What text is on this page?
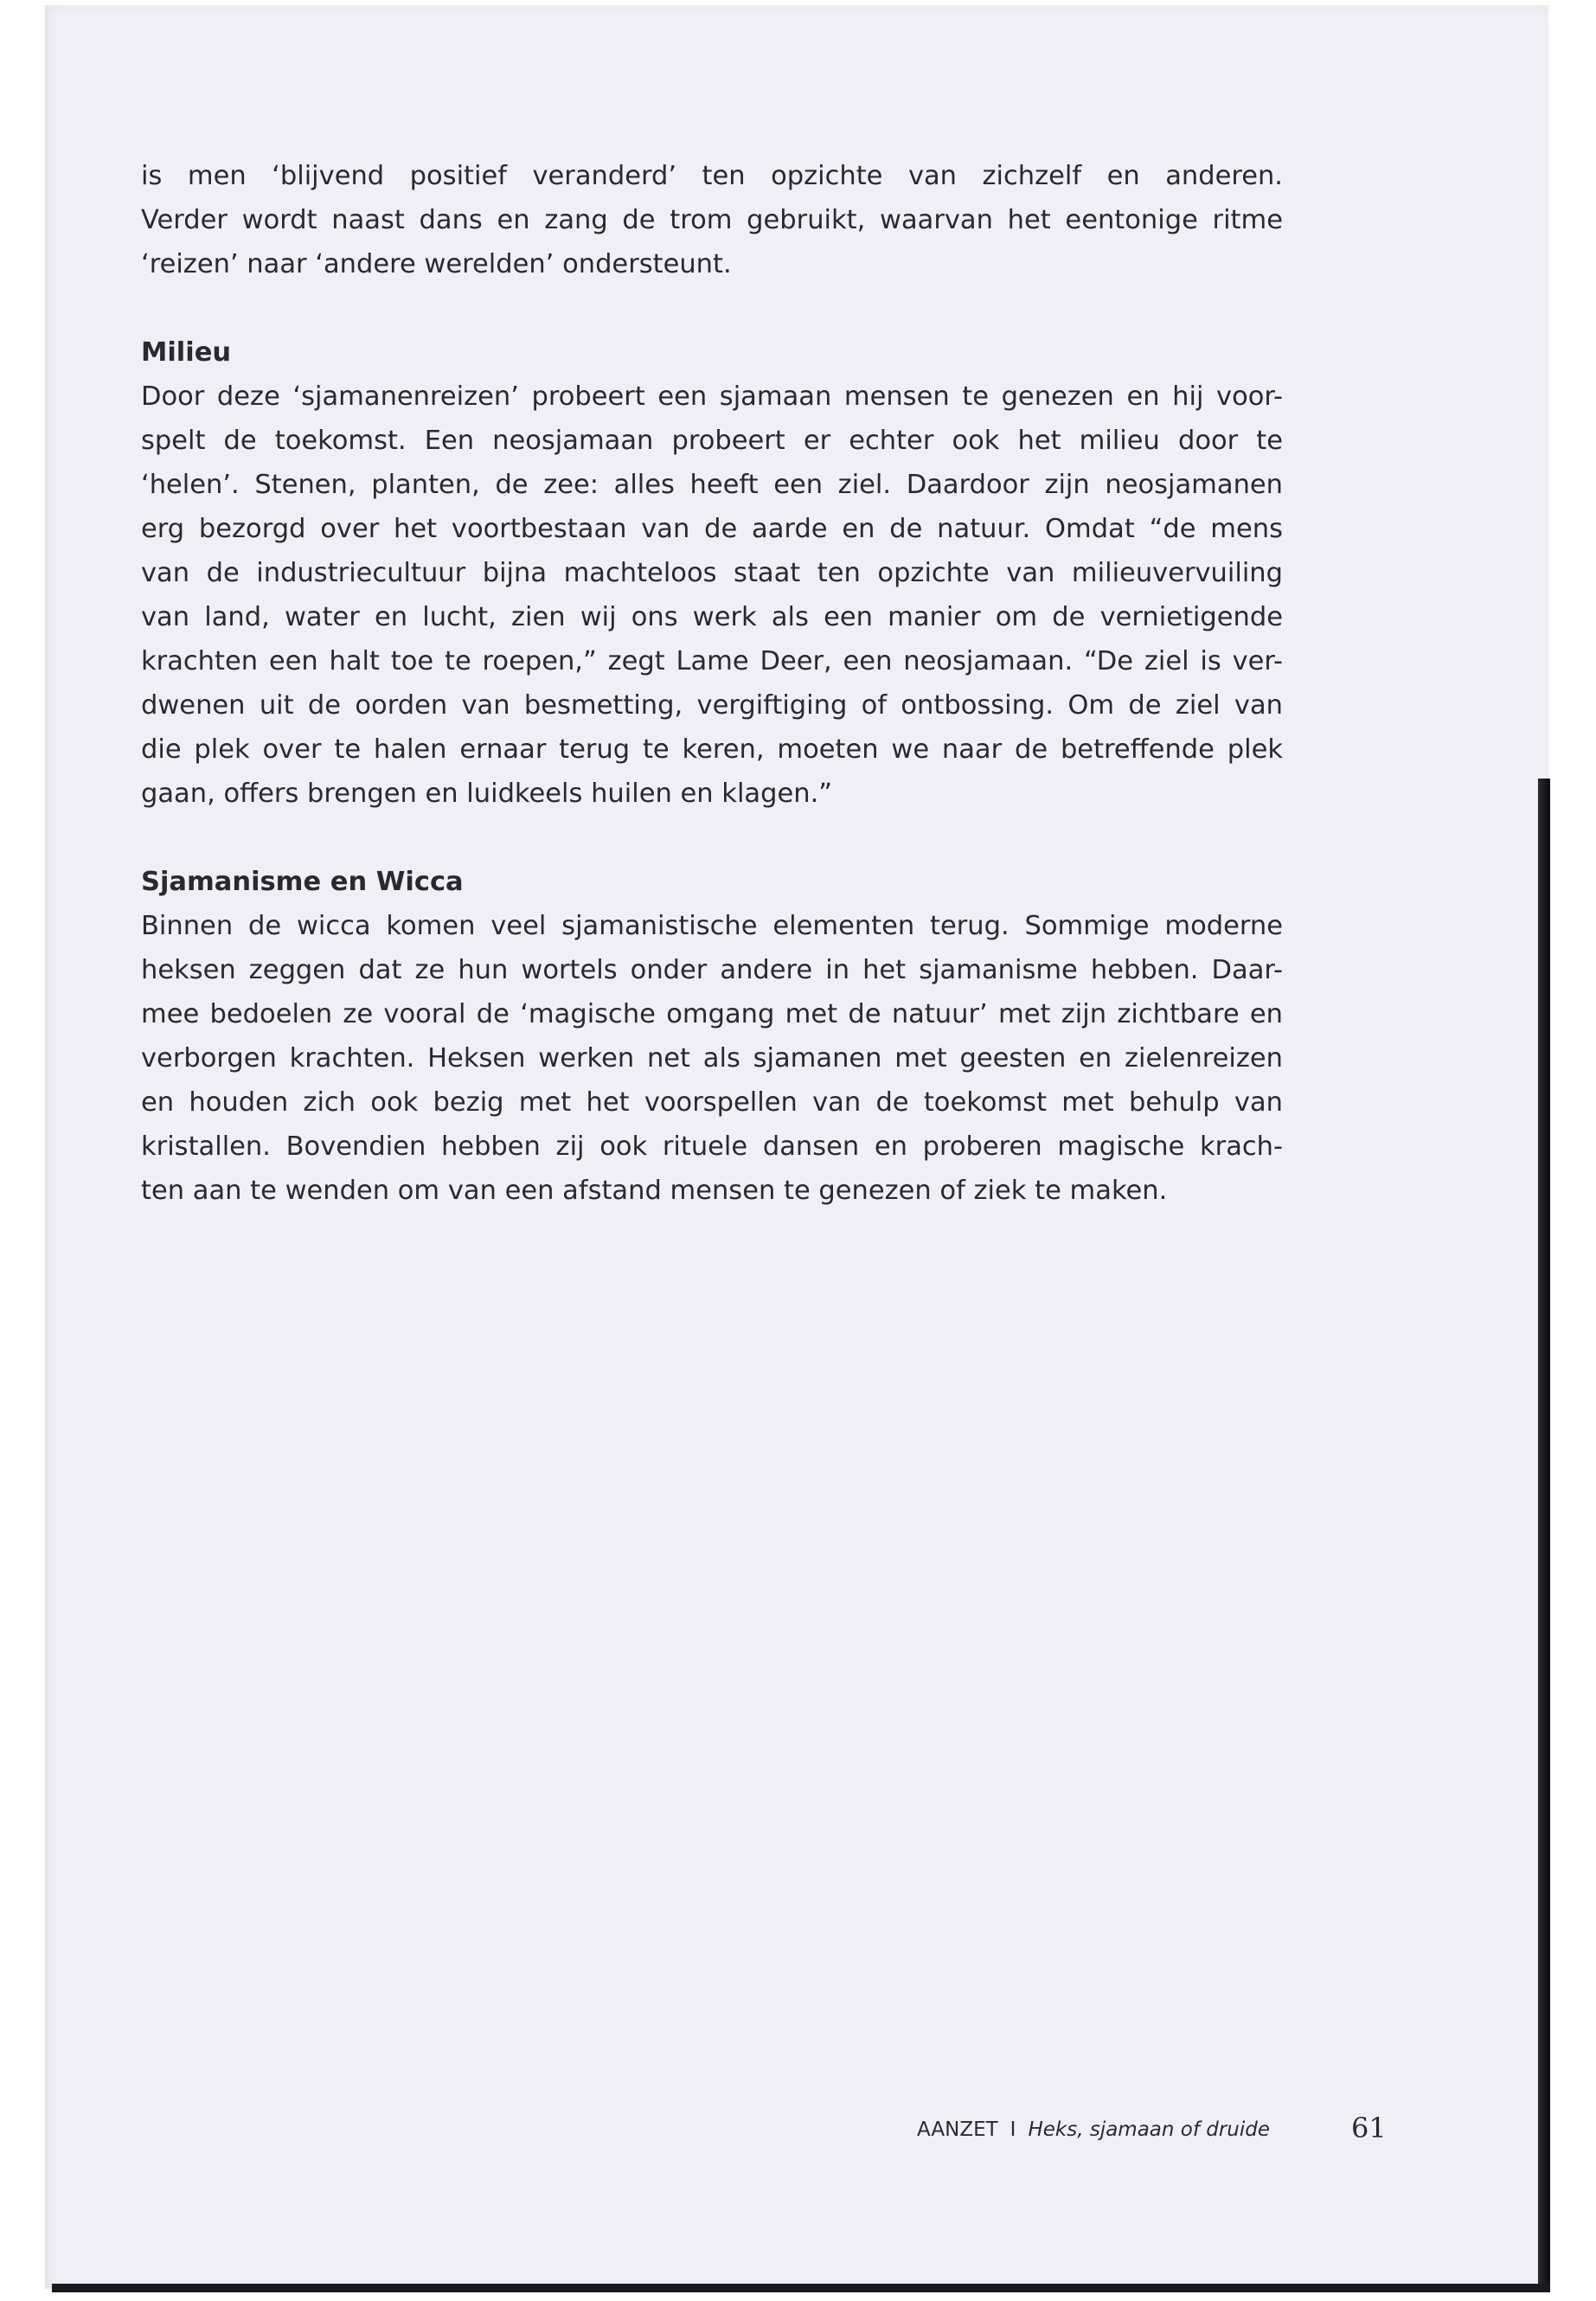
is men ‘blijvend positief veranderd’ ten opzichte van zichzelf en anderen.
Verder wordt naast dans en zang de trom gebruikt, waarvan het eentonige ritme
‘reizen’ naar ‘andere werelden’ ondersteunt.
Milieu
Door deze ‘sjamanenreizen’ probeert een sjamaan mensen te genezen en hij voor-
spelt de toekomst. Een neosjamaan probeert er echter ook het milieu door te
‘helen’. Stenen, planten, de zee: alles heeft een ziel. Daardoor zijn neosjamanen
erg bezorgd over het voortbestaan van de aarde en de natuur. Omdat “de mens
van de industriecultuur bijna machteloos staat ten opzichte van milieuvervuiling
van land, water en lucht, zien wij ons werk als een manier om de vernietigende
krachten een halt toe te roepen,” zegt Lame Deer, een neosjamaan. “De ziel is ver-
dwenen uit de oorden van besmetting, vergiftiging of ontbossing. Om de ziel van
die plek over te halen ernaar terug te keren, moeten we naar de betreffende plek
gaan, offers brengen en luidkeels huilen en klagen.”
Sjamanisme en Wicca
Binnen de wicca komen veel sjamanistische elementen terug. Sommige moderne
heksen zeggen dat ze hun wortels onder andere in het sjamanisme hebben. Daar-
mee bedoelen ze vooral de ‘magische omgang met de natuur’ met zijn zichtbare en
verborgen krachten. Heksen werken net als sjamanen met geesten en zielenreizen
en houden zich ook bezig met het voorspellen van de toekomst met behulp van
kristallen. Bovendien hebben zij ook rituele dansen en proberen magische krach-
ten aan te wenden om van een afstand mensen te genezen of ziek te maken.
AANZET I Heks, sjamaan of druide	61
